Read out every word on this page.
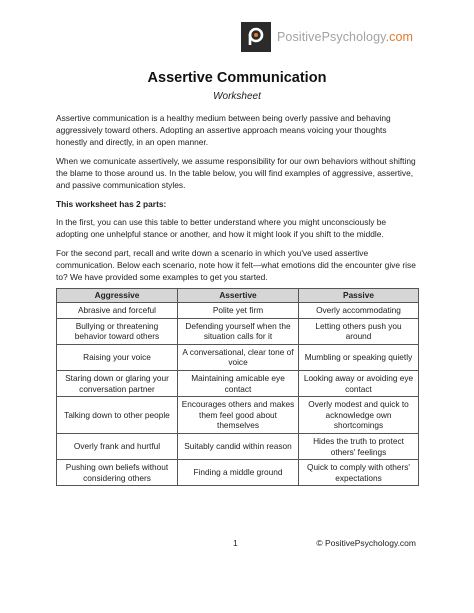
PositivePsychology.com
Assertive Communication
Worksheet

Assertive communication is a healthy medium between being overly passive and behaving aggressively toward others. Adopting an assertive approach means voicing your thoughts honestly and directly, in an open manner.

When we comunicate assertively, we assume responsibility for our own behaviors without shifting the blame to those around us. In the table below, you will find examples of aggressive, assertive, and passive communication styles.

This worksheet has 2 parts:

In the first, you can use this table to better understand where you might unconsciously be adopting one unhelpful stance or another, and how it might look if you shift to the middle.

For the second part, recall and write down a scenario in which you've used assertive communication. Below each scenario, note how it felt—what emotions did the encounter give rise to? We have provided some examples to get you started.

Aggressive	Assertive	Passive
Abrasive and forceful	Polite yet firm	Overly accommodating
Bullying or threatening behavior toward others	Defending yourself when the situation calls for it	Letting others push you around
Raising your voice	A conversational, clear tone of voice	Mumbling or speaking quietly
Staring down or glaring your conversation partner	Maintaining amicable eye contact	Looking away or avoiding eye contact
Talking down to other people	Encourages others and makes them feel good about themselves	Overly modest and quick to acknowledge own shortcomings
Overly frank and hurtful	Suitably candid within reason	Hides the truth to protect others' feelings
Pushing own beliefs without considering others	Finding a middle ground	Quick to comply with others' expectations
1	© PositivePsychology.com
